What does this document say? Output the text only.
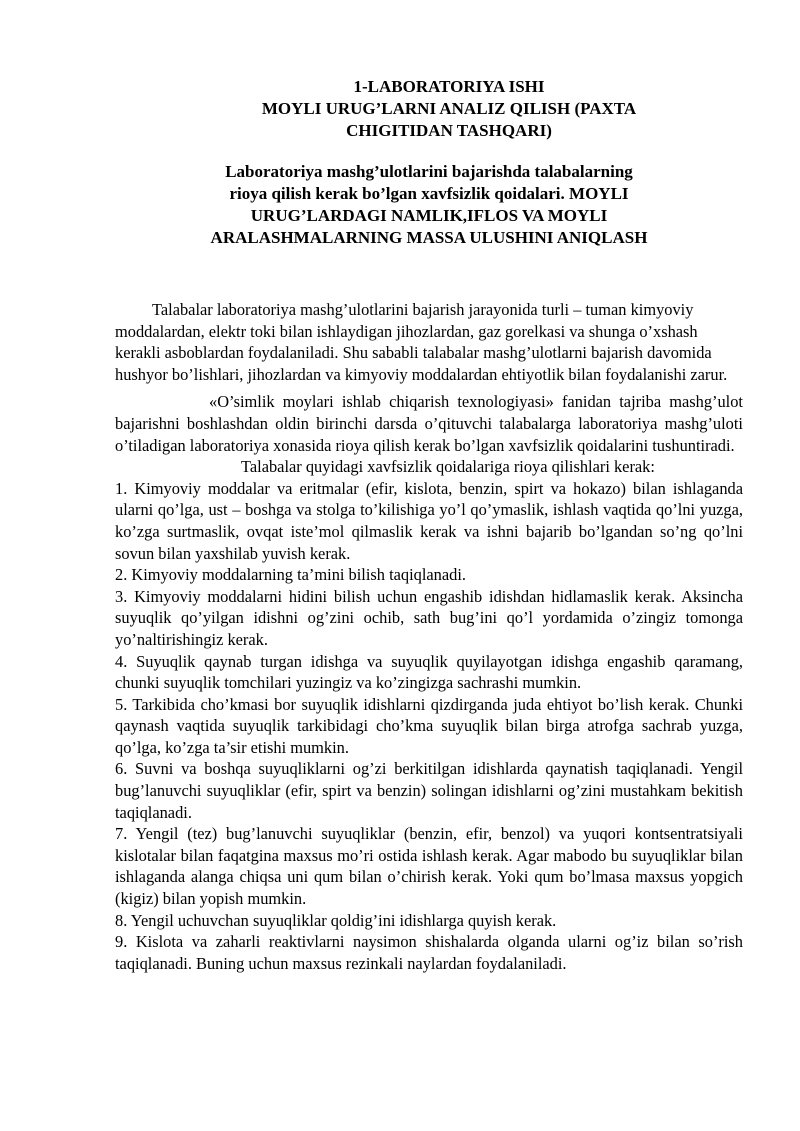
1-LABORATORIYA ISHI
MOYLI URUG’LARNI ANALIZ QILISH (PAXTA
CHIGITIDAN TASHQARI)
Laboratoriya mashg’ulotlarini bajarishda talabalarning
rioya qilish kerak bo’lgan xavfsizlik qoidalari. MOYLI
URUG’LARDAGI NAMLIK,IFLOS VA MOYLI
ARALASHMALARNING MASSA ULUSHINI ANIQLASH

Talabalar laboratoriya mashg’ulotlarini bajarish jarayonida turli – tuman kimyoviy moddalardan, elektr toki bilan ishlaydigan jihozlardan, gaz gorelkasi va shunga o’xshash kerakli asboblardan foydalaniladi. Shu sababli talabalar mashg’ulotlarni bajarish davomida hushyor bo’lishlari, jihozlardan va kimyoviy moddalardan ehtiyotlik bilan foydalanishi zarur.

«O’simlik moylari ishlab chiqarish texnologiyasi» fanidan tajriba mashg’ulot bajarishni boshlashdan oldin birinchi darsda o’qituvchi talabalarga laboratoriya mashg’uloti o’tiladigan laboratoriya xonasida rioya qilish kerak bo’lgan xavfsizlik qoidalarini tushuntiradi.

Talabalar quyidagi xavfsizlik qoidalariga rioya qilishlari kerak:

1. Kimyoviy moddalar va eritmalar (efir, kislota, benzin, spirt va hokazo) bilan ishlaganda ularni qo’lga, ust – boshga va stolga to’kilishiga yo’l qo’ymaslik, ishlash vaqtida qo’lni yuzga, ko’zga surtmaslik, ovqat iste’mol qilmaslik kerak va ishni bajarib bo’lgandan so’ng qo’lni sovun bilan yaxshilab yuvish kerak.
2. Kimyoviy moddalarning ta’mini bilish taqiqlanadi.
3. Kimyoviy moddalarni hidini bilish uchun engashib idishdan hidlamaslik kerak. Aksincha suyuqlik qo’yilgan idishni og’zini ochib, sath bug’ini qo’l yordamida o’zingiz tomonga yo’naltirishingiz kerak.
4. Suyuqlik qaynab turgan idishga va suyuqlik quyilayotgan idishga engashib qaramang, chunki suyuqlik tomchilari yuzingiz va ko’zingizga sachrashi mumkin.
5. Tarkibida cho’kmasi bor suyuqlik idishlarni qizdirganda juda ehtiyot bo’lish kerak. Chunki qaynash vaqtida suyuqlik tarkibidagi cho’kma suyuqlik bilan birga atrofga sachrab yuzga, qo’lga, ko’zga ta’sir etishi mumkin.
6. Suvni va boshqa suyuqliklarni og’zi berkitilgan idishlarda qaynatish taqiqlanadi. Yengil bug’lanuvchi suyuqliklar (efir, spirt va benzin) solingan idishlarni og’zini mustahkam bekitish taqiqlanadi.
7. Yengil (tez) bug’lanuvchi suyuqliklar (benzin, efir, benzol) va yuqori kontsentratsiyali kislotalar bilan faqatgina maxsus mo’ri ostida ishlash kerak. Agar mabodo bu suyuqliklar bilan ishlaganda alanga chiqsa uni qum bilan o’chirish kerak. Yoki qum bo’lmasa maxsus yopgich (kigiz) bilan yopish mumkin.
8. Yengil uchuvchan suyuqliklar qoldig’ini idishlarga quyish kerak.
9. Kislota va zaharli reaktivlarni naysimon shishalarda olganda ularni og’iz bilan so’rish taqiqlanadi. Buning uchun maxsus rezinkali naylardan foydalaniladi.
